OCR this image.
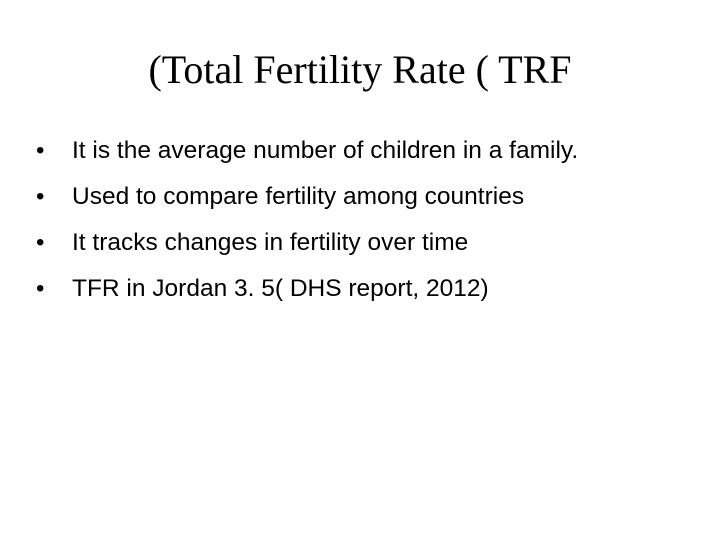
(Total Fertility Rate ( TRF
•	It is the average number of children in a family.
•	Used to compare fertility among countries
•	It tracks changes in fertility over time
•	TFR in Jordan 3. 5( DHS report, 2012)
